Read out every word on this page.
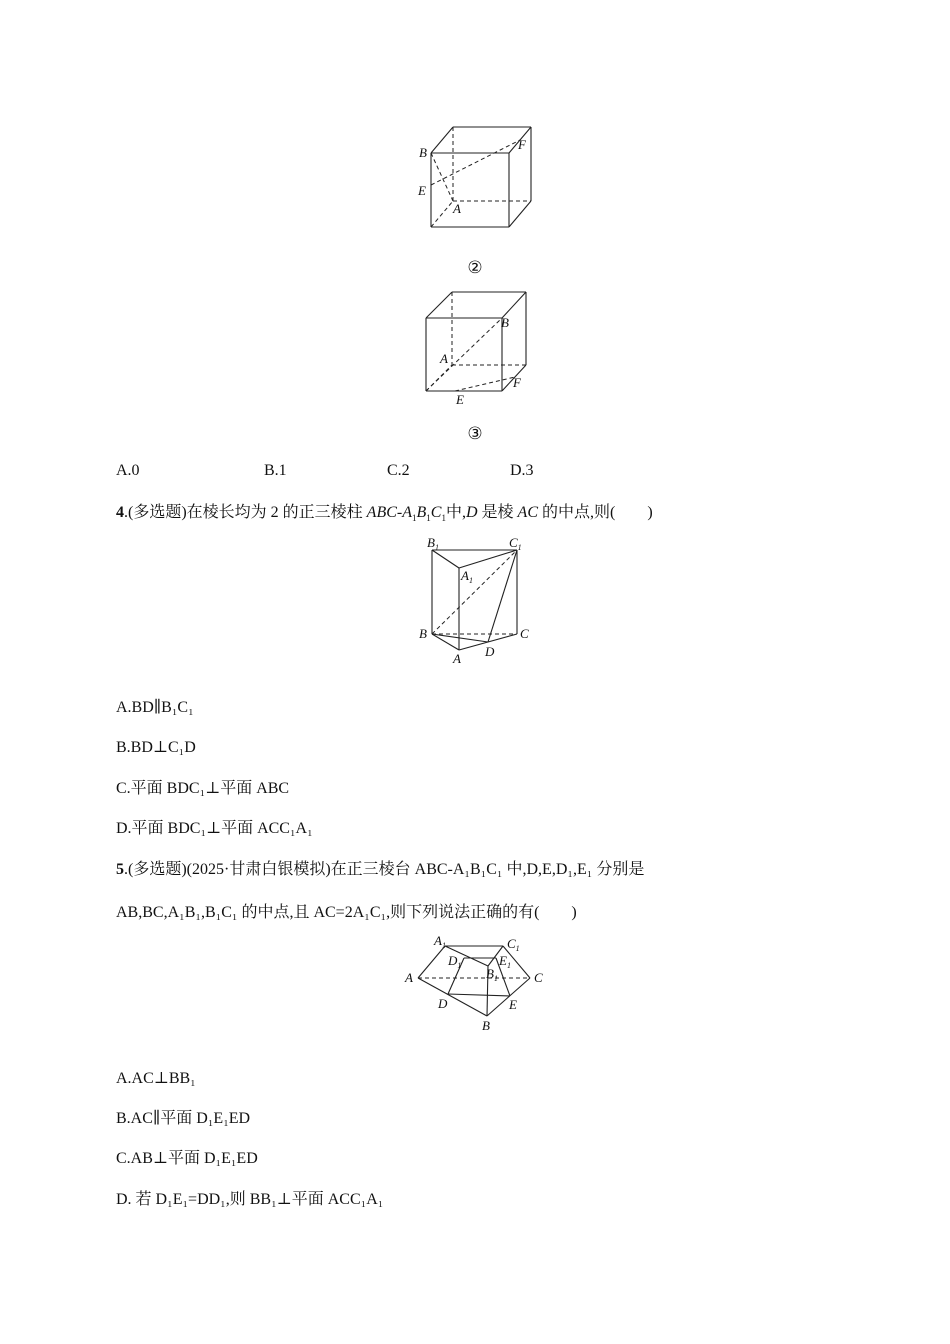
B
F
E
A
②
B
A
F
E
③
A.0	B.1	C.2	D.3
4.(多选题)在棱长均为 2 的正三棱柱 ABC-$A_1B_1C_1$中,D 是棱 AC 的中点,则(　　)
$B_1$	$C_1$
$A_1$
B	C
A D
A.BD∥B₁C₁
B.BD⊥C₁D
C.平面 BDC₁⊥平面 ABC
D.平面 BDC₁⊥平面 ACC₁A₁
5.(多选题)(2025·甘肃白银模拟)在正三棱台 ABC-A₁B₁C₁ 中,D,E,D₁,E₁ 分别是
AB,BC,A₁B₁,B₁C₁ 的中点,且 AC=2A₁C₁,则下列说法正确的有(　　)
$A_1$	$C_1$
$D_1$	$E_1$
$B_1$
A	C
D	E
B
A.AC⊥BB₁
B.AC∥平面 D₁E₁ED
C.AB⊥平面 D₁E₁ED
D. 若 D₁E₁=DD₁,则 BB₁⊥平面 ACC₁A₁
